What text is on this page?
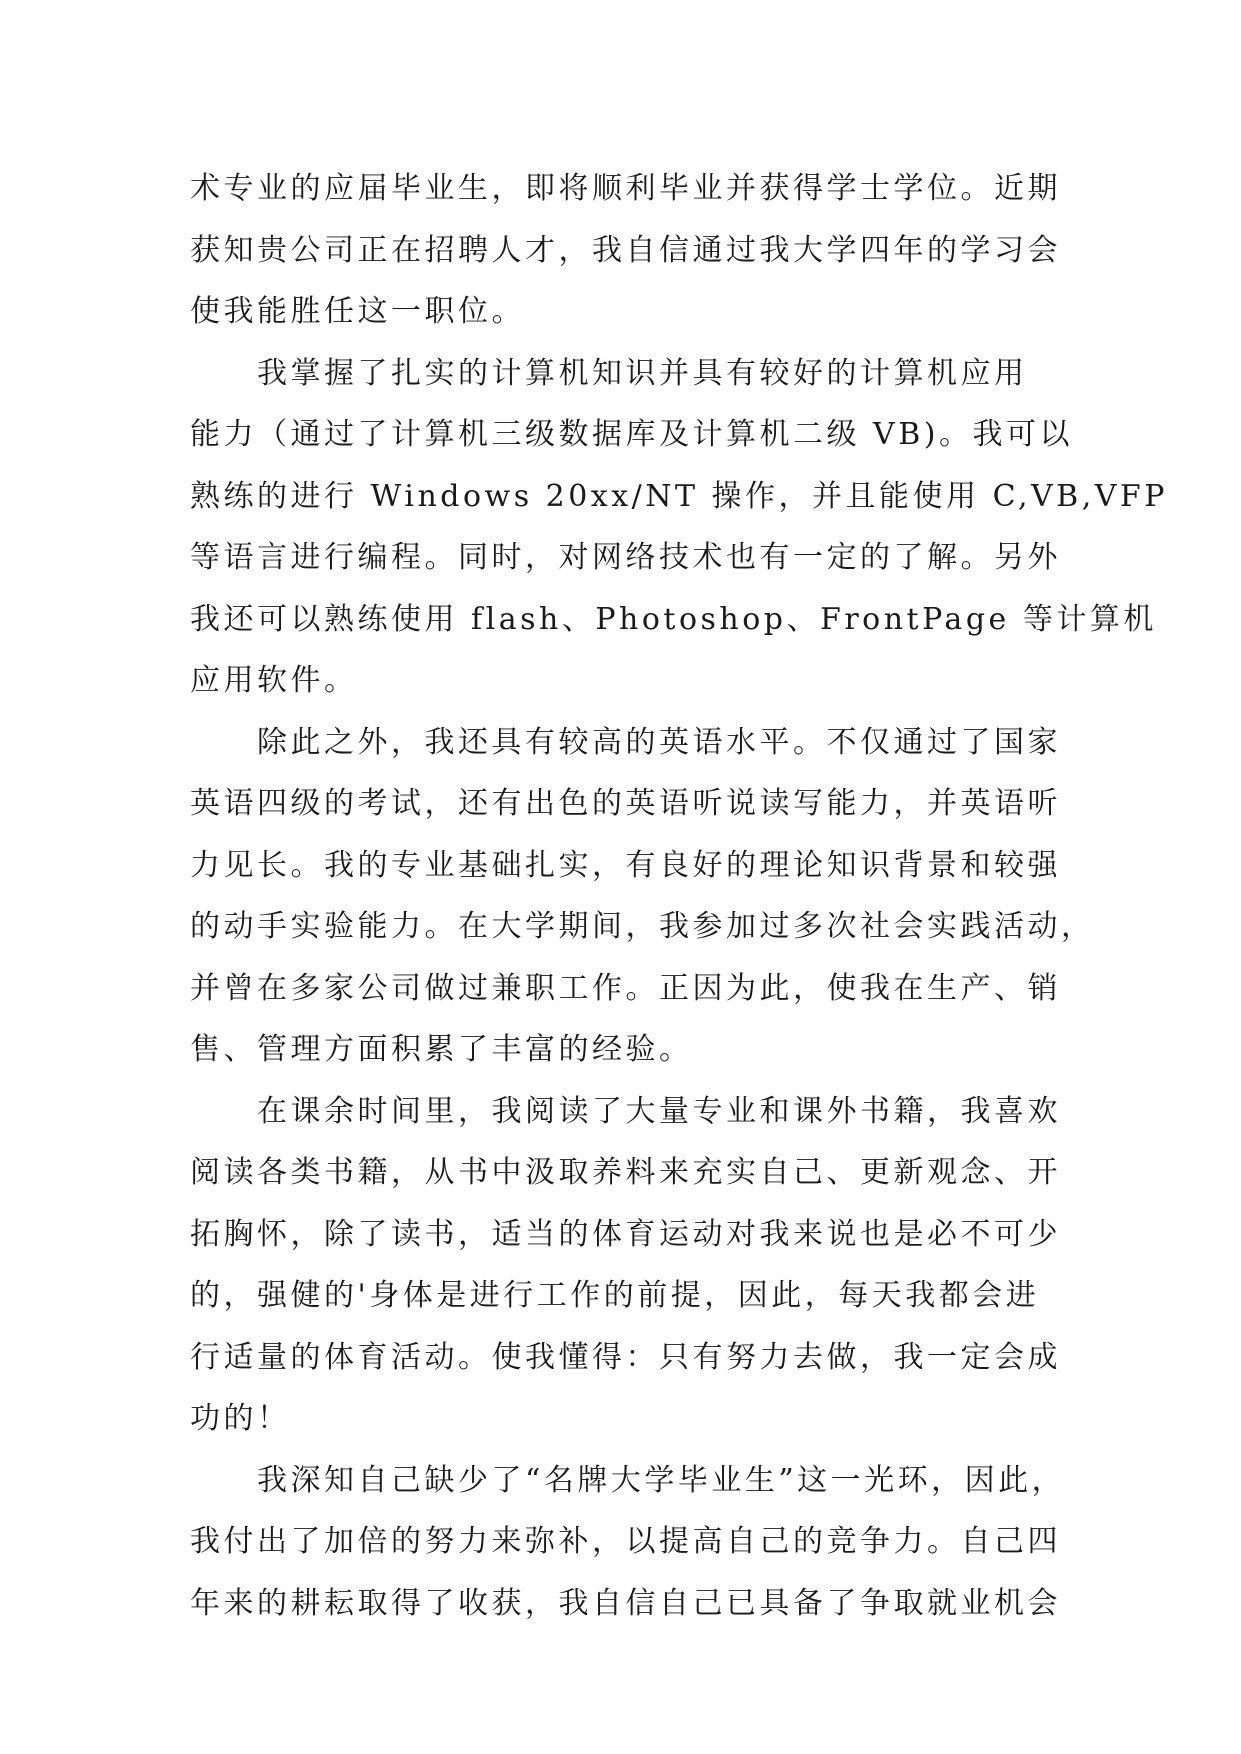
术专业的应届毕业生，即将顺利毕业并获得学士学位。近期
获知贵公司正在招聘人才，我自信通过我大学四年的学习会
使我能胜任这一职位。
我掌握了扎实的计算机知识并具有较好的计算机应用
能力（通过了计算机三级数据库及计算机二级 VB)。我可以
熟练的进行 Windows 20xx/NT 操作，并且能使用 C,VB,VFP
等语言进行编程。同时，对网络技术也有一定的了解。另外
我还可以熟练使用 flash、Photoshop、FrontPage 等计算机
应用软件。
除此之外，我还具有较高的英语水平。不仅通过了国家
英语四级的考试，还有出色的英语听说读写能力，并英语听
力见长。我的专业基础扎实，有良好的理论知识背景和较强
的动手实验能力。在大学期间，我参加过多次社会实践活动，
并曾在多家公司做过兼职工作。正因为此，使我在生产、销
售、管理方面积累了丰富的经验。
在课余时间里，我阅读了大量专业和课外书籍，我喜欢
阅读各类书籍，从书中汲取养料来充实自己、更新观念、开
拓胸怀，除了读书，适当的体育运动对我来说也是必不可少
的，强健的'身体是进行工作的前提，因此，每天我都会进
行适量的体育活动。使我懂得：只有努力去做，我一定会成
功的！
我深知自己缺少了“名牌大学毕业生”这一光环，因此，
我付出了加倍的努力来弥补，以提高自己的竞争力。自己四
年来的耕耘取得了收获，我自信自己已具备了争取就业机会
